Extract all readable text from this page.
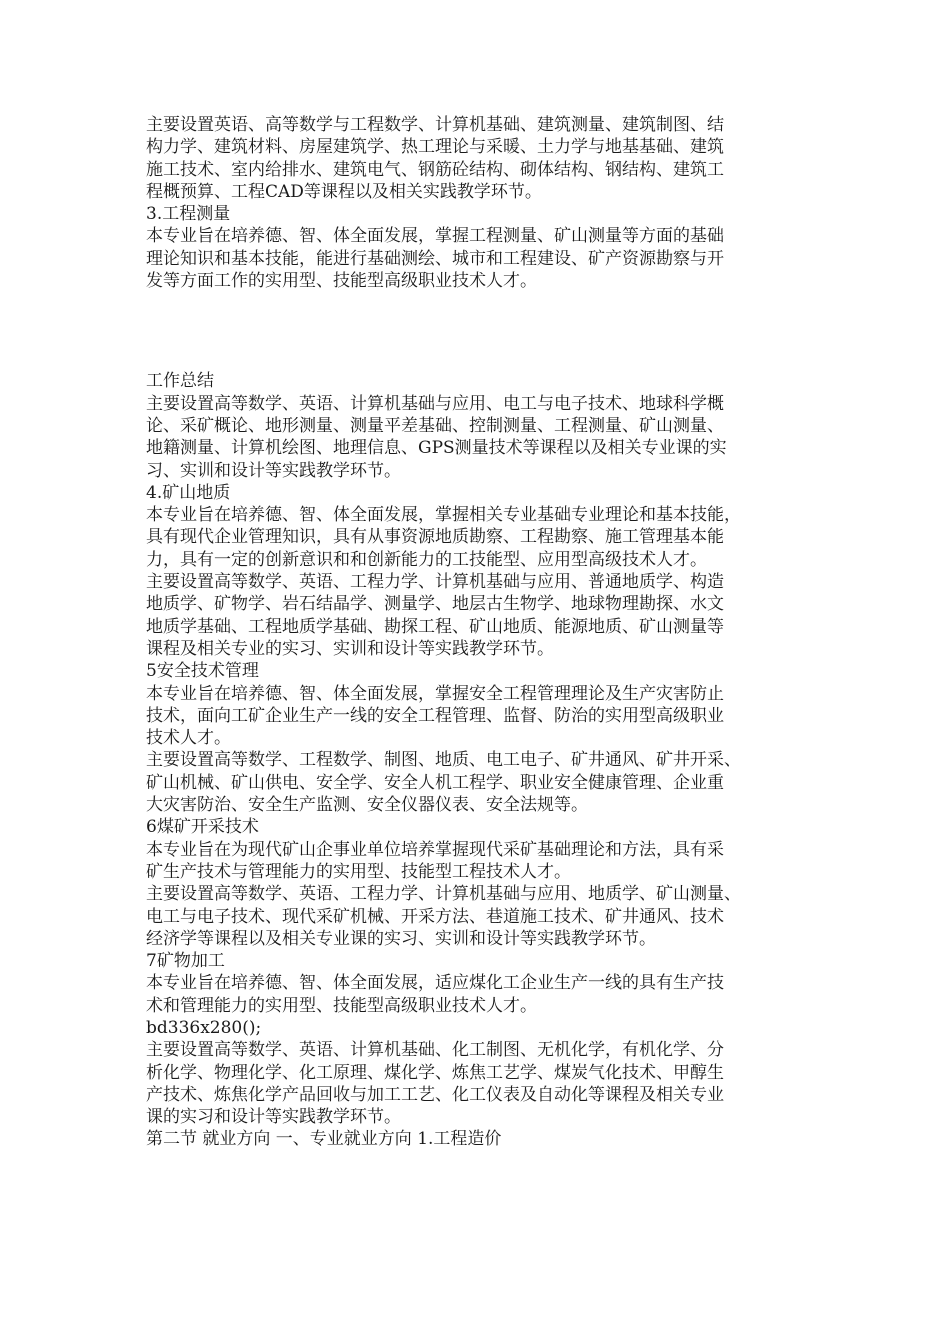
主要设置英语、高等数学与工程数学、计算机基础、建筑测量、建筑制图、结
构力学、建筑材料、房屋建筑学、热工理论与采暖、土力学与地基基础、建筑
施工技术、室内给排水、建筑电气、钢筋砼结构、砌体结构、钢结构、建筑工
程概预算、工程CAD等课程以及相关实践教学环节。
3.工程测量
本专业旨在培养德、智、体全面发展，掌握工程测量、矿山测量等方面的基础
理论知识和基本技能，能进行基础测绘、城市和工程建设、矿产资源勘察与开
发等方面工作的实用型、技能型高级职业技术人才。
工作总结
主要设置高等数学、英语、计算机基础与应用、电工与电子技术、地球科学概
论、采矿概论、地形测量、测量平差基础、控制测量、工程测量、矿山测量、
地籍测量、计算机绘图、地理信息、GPS测量技术等课程以及相关专业课的实
习、实训和设计等实践教学环节。
4.矿山地质
本专业旨在培养德、智、体全面发展，掌握相关专业基础专业理论和基本技能，
具有现代企业管理知识，具有从事资源地质勘察、工程勘察、施工管理基本能
力，具有一定的创新意识和和创新能力的工技能型、应用型高级技术人才。
主要设置高等数学、英语、工程力学、计算机基础与应用、普通地质学、构造
地质学、矿物学、岩石结晶学、测量学、地层古生物学、地球物理勘探、水文
地质学基础、工程地质学基础、勘探工程、矿山地质、能源地质、矿山测量等
课程及相关专业的实习、实训和设计等实践教学环节。
5安全技术管理
本专业旨在培养德、智、体全面发展，掌握安全工程管理理论及生产灾害防止
技术，面向工矿企业生产一线的安全工程管理、监督、防治的实用型高级职业
技术人才。
主要设置高等数学、工程数学、制图、地质、电工电子、矿井通风、矿井开采、
矿山机械、矿山供电、安全学、安全人机工程学、职业安全健康管理、企业重
大灾害防治、安全生产监测、安全仪器仪表、安全法规等。
6煤矿开采技术
本专业旨在为现代矿山企事业单位培养掌握现代采矿基础理论和方法，具有采
矿生产技术与管理能力的实用型、技能型工程技术人才。
主要设置高等数学、英语、工程力学、计算机基础与应用、地质学、矿山测量、
电工与电子技术、现代采矿机械、开采方法、巷道施工技术、矿井通风、技术
经济学等课程以及相关专业课的实习、实训和设计等实践教学环节。
7矿物加工
本专业旨在培养德、智、体全面发展，适应煤化工企业生产一线的具有生产技
术和管理能力的实用型、技能型高级职业技术人才。
bd336x280();
主要设置高等数学、英语、计算机基础、化工制图、无机化学，有机化学、分
析化学、物理化学、化工原理、煤化学、炼焦工艺学、煤炭气化技术、甲醇生
产技术、炼焦化学产品回收与加工工艺、化工仪表及自动化等课程及相关专业
课的实习和设计等实践教学环节。
第二节 就业方向 一、专业就业方向 1.工程造价
